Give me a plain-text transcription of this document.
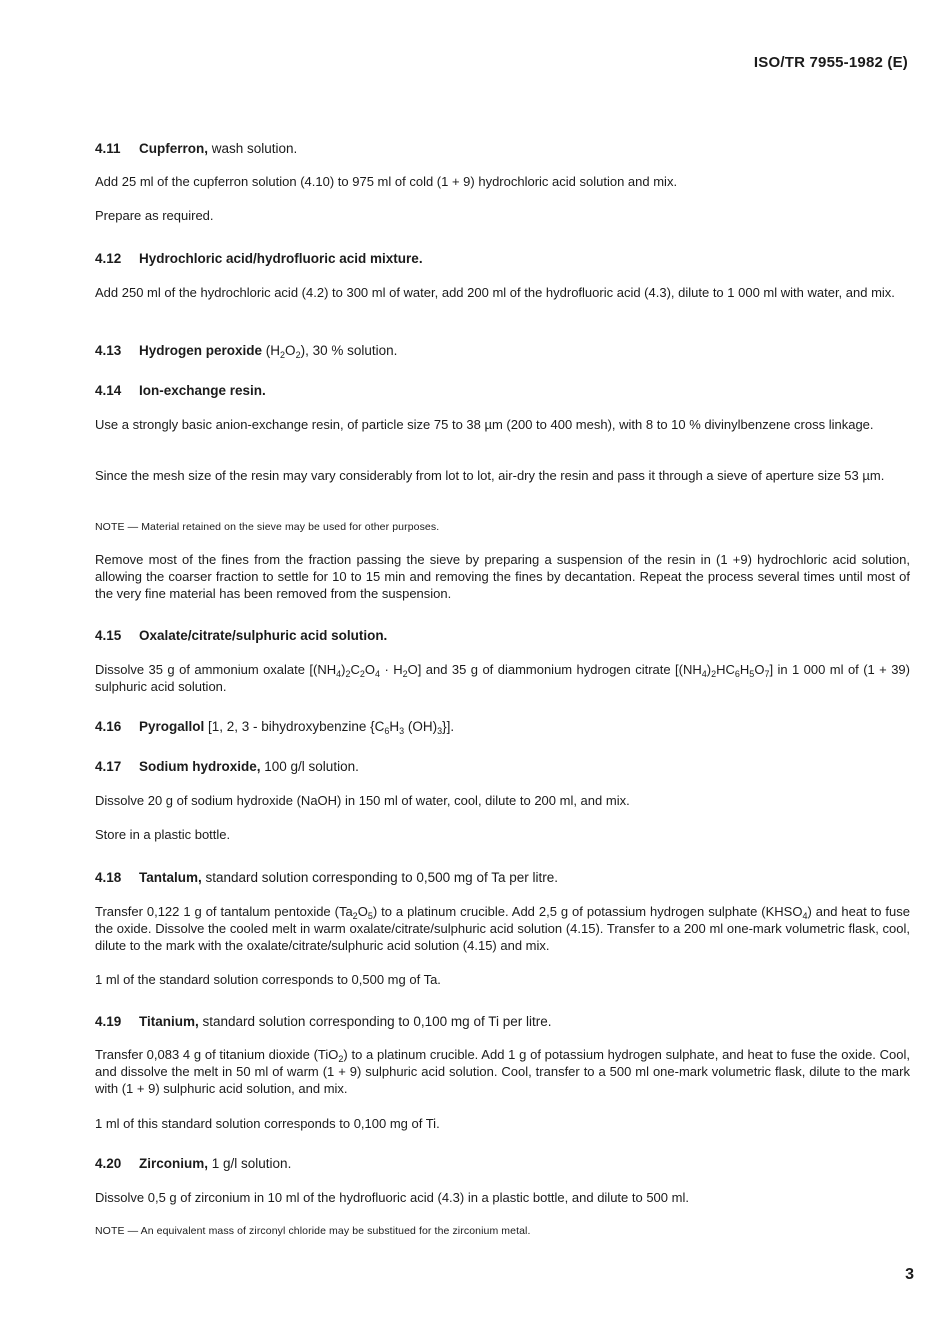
ISO/TR 7955-1982 (E)
4.11 Cupferron, wash solution.
Add 25 ml of the cupferron solution (4.10) to 975 ml of cold (1 + 9) hydrochloric acid solution and mix.
Prepare as required.
4.12 Hydrochloric acid/hydrofluoric acid mixture.
Add 250 ml of the hydrochloric acid (4.2) to 300 ml of water, add 200 ml of the hydrofluoric acid (4.3), dilute to 1 000 ml with water, and mix.
4.13 Hydrogen peroxide $(H_2O_2)$, 30 % solution.
4.14 Ion-exchange resin.
Use a strongly basic anion-exchange resin, of particle size 75 to 38 µm (200 to 400 mesh), with 8 to 10 % divinylbenzene cross linkage.
Since the mesh size of the resin may vary considerably from lot to lot, air-dry the resin and pass it through a sieve of aperture size 53 µm.
NOTE — Material retained on the sieve may be used for other purposes.
Remove most of the fines from the fraction passing the sieve by preparing a suspension of the resin in (1 +9) hydrochloric acid solution, allowing the coarser fraction to settle for 10 to 15 min and removing the fines by decantation. Repeat the process several times until most of the very fine material has been removed from the suspension.
4.15 Oxalate/citrate/sulphuric acid solution.
Dissolve 35 g of ammonium oxalate $[(NH_4)_2C_2O_4 \cdot H_2O]$ and 35 g of diammonium hydrogen citrate $[(NH_4)_2HC_6H_5O_7]$ in 1 000 ml of (1 + 39) sulphuric acid solution.
4.16 Pyrogallol [1, 2, 3 - bihydroxybenzine {$C_6H_3$ $(OH)_3$}].
4.17 Sodium hydroxide, 100 g/l solution.
Dissolve 20 g of sodium hydroxide (NaOH) in 150 ml of water, cool, dilute to 200 ml, and mix.
Store in a plastic bottle.
4.18 Tantalum, standard solution corresponding to 0,500 mg of Ta per litre.
Transfer 0,122 1 g of tantalum pentoxide $(Ta_2O_5)$ to a platinum crucible. Add 2,5 g of potassium hydrogen sulphate $(KHSO_4)$ and heat to fuse the oxide. Dissolve the cooled melt in warm oxalate/citrate/sulphuric acid solution (4.15). Transfer to a 200 ml one-mark volumetric flask, cool, dilute to the mark with the oxalate/citrate/sulphuric acid solution (4.15) and mix.
1 ml of the standard solution corresponds to 0,500 mg of Ta.
4.19 Titanium, standard solution corresponding to 0,100 mg of Ti per litre.
Transfer 0,083 4 g of titanium dioxide (TiO$_2$) to a platinum crucible. Add 1 g of potassium hydrogen sulphate, and heat to fuse the oxide. Cool, and dissolve the melt in 50 ml of warm (1 + 9) sulphuric acid solution. Cool, transfer to a 500 ml one-mark volumetric flask, dilute to the mark with (1 + 9) sulphuric acid solution, and mix.
1 ml of this standard solution corresponds to 0,100 mg of Ti.
4.20 Zirconium, 1 g/l solution.
Dissolve 0,5 g of zirconium in 10 ml of the hydrofluoric acid (4.3) in a plastic bottle, and dilute to 500 ml.
NOTE — An equivalent mass of zirconyl chloride may be substitued for the zirconium metal.
3
